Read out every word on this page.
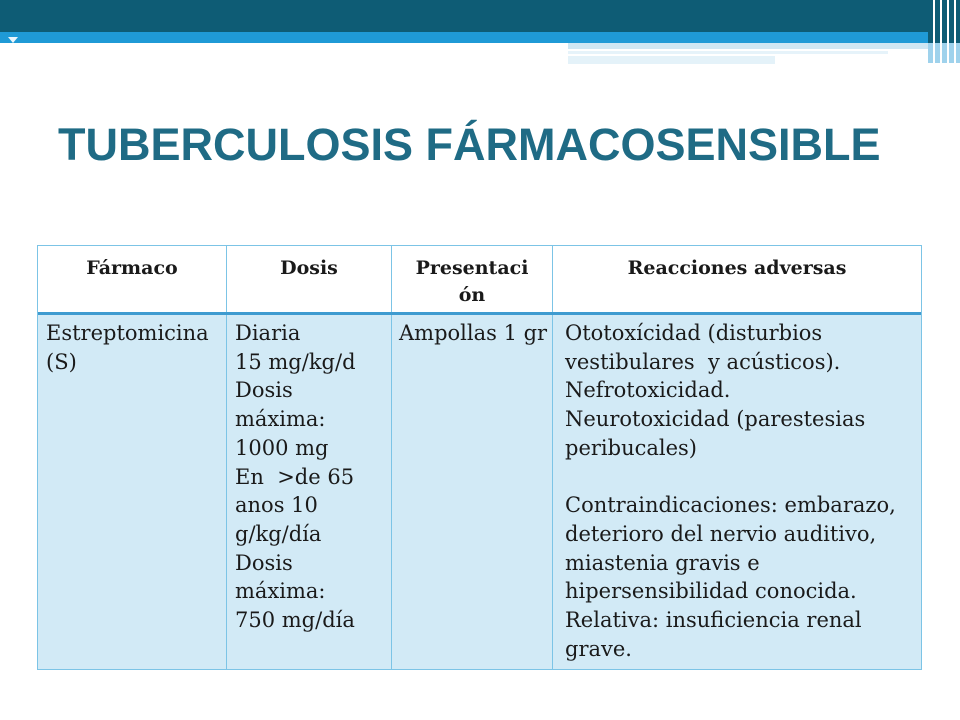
TUBERCULOSIS FÁRMACOSENSIBLE
Fármaco	Dosis	Presentaci
ón
Reacciones adversas
Estreptomicina
(S)
Diaria
15 mg/kg/d
Dosis
máxima:
1000 mg
En  >de 65
anos 10
g/kg/día
Dosis
máxima:
750 mg/día
Ampollas 1 gr Ototoxícidad (disturbios
vestibulares  y acústicos).
Nefrotoxicidad.
Neurotoxicidad (parestesias
peribucales)
Contraindicaciones: embarazo,
deterioro del nervio auditivo,
miastenia gravis e
hipersensibilidad conocida.
Relativa: insuficiencia renal
grave.
